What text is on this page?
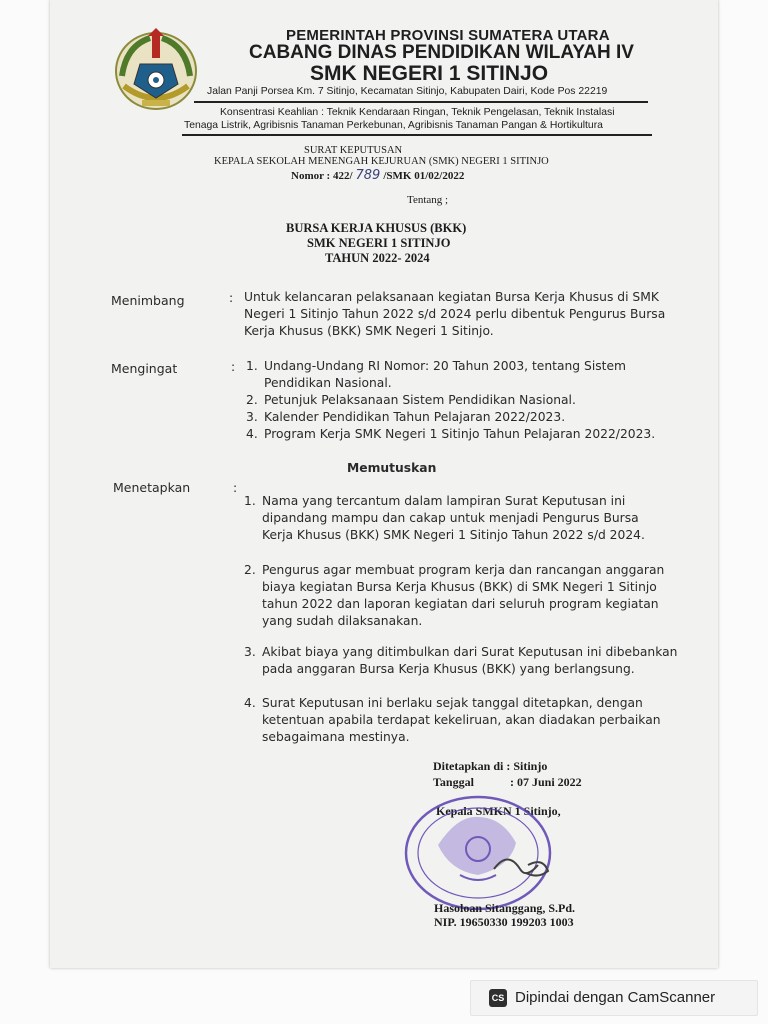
PEMERINTAH PROVINSI SUMATERA UTARA
CABANG DINAS PENDIDIKAN WILAYAH IV
SMK NEGERI 1 SITINJO
Jalan Panji Porsea Km. 7 Sitinjo, Kecamatan Sitinjo, Kabupaten Dairi, Kode Pos 22219
Konsentrasi Keahlian : Teknik Kendaraan Ringan, Teknik Pengelasan, Teknik Instalasi
Tenaga Listrik, Agribisnis Tanaman Perkebunan, Agribisnis Tanaman Pangan & Hortikultura
SURAT KEPUTUSAN
KEPALA SEKOLAH MENENGAH KEJURUAN (SMK) NEGERI 1 SITINJO
Nomor : 422/ 789 /SMK 01/02/2022
Tentang ;
BURSA KERJA KHUSUS (BKK)
SMK NEGERI 1 SITINJO
TAHUN 2022- 2024
Menimbang	: Untuk kelancaran pelaksanaan kegiatan Bursa Kerja Khusus di SMK
Negeri 1 Sitinjo Tahun 2022 s/d 2024 perlu dibentuk Pengurus Bursa
Kerja Khusus (BKK) SMK Negeri 1 Sitinjo.
Mengingat	: 1. Undang-Undang RI Nomor: 20 Tahun 2003, tentang Sistem
Pendidikan Nasional.
2. Petunjuk Pelaksanaan Sistem Pendidikan Nasional.
3. Kalender Pendidikan Tahun Pelajaran 2022/2023.
4. Program Kerja SMK Negeri 1 Sitinjo Tahun Pelajaran 2022/2023.
Memutuskan
Menetapkan	:
1. Nama yang tercantum dalam lampiran Surat Keputusan ini
dipandang mampu dan cakap untuk menjadi Pengurus Bursa
Kerja Khusus (BKK) SMK Negeri 1 Sitinjo Tahun 2022 s/d 2024.
2. Pengurus agar membuat program kerja dan rancangan anggaran
biaya kegiatan Bursa Kerja Khusus (BKK) di SMK Negeri 1 Sitinjo
tahun 2022 dan laporan kegiatan dari seluruh program kegiatan
yang sudah dilaksanakan.
3. Akibat biaya yang ditimbulkan dari Surat Keputusan ini dibebankan
pada anggaran Bursa Kerja Khusus (BKK) yang berlangsung.
4. Surat Keputusan ini berlaku sejak tanggal ditetapkan, dengan
ketentuan apabila terdapat kekeliruan, akan diadakan perbaikan
sebagaimana mestinya.
Ditetapkan di : Sitinjo
Tanggal	: 07 Juni 2022
Kepala SMKN 1 Sitinjo,
Hasoloan Sitanggang, S.Pd.
NIP. 19650330 199203 1003
CS Dipindai dengan CamScanner
